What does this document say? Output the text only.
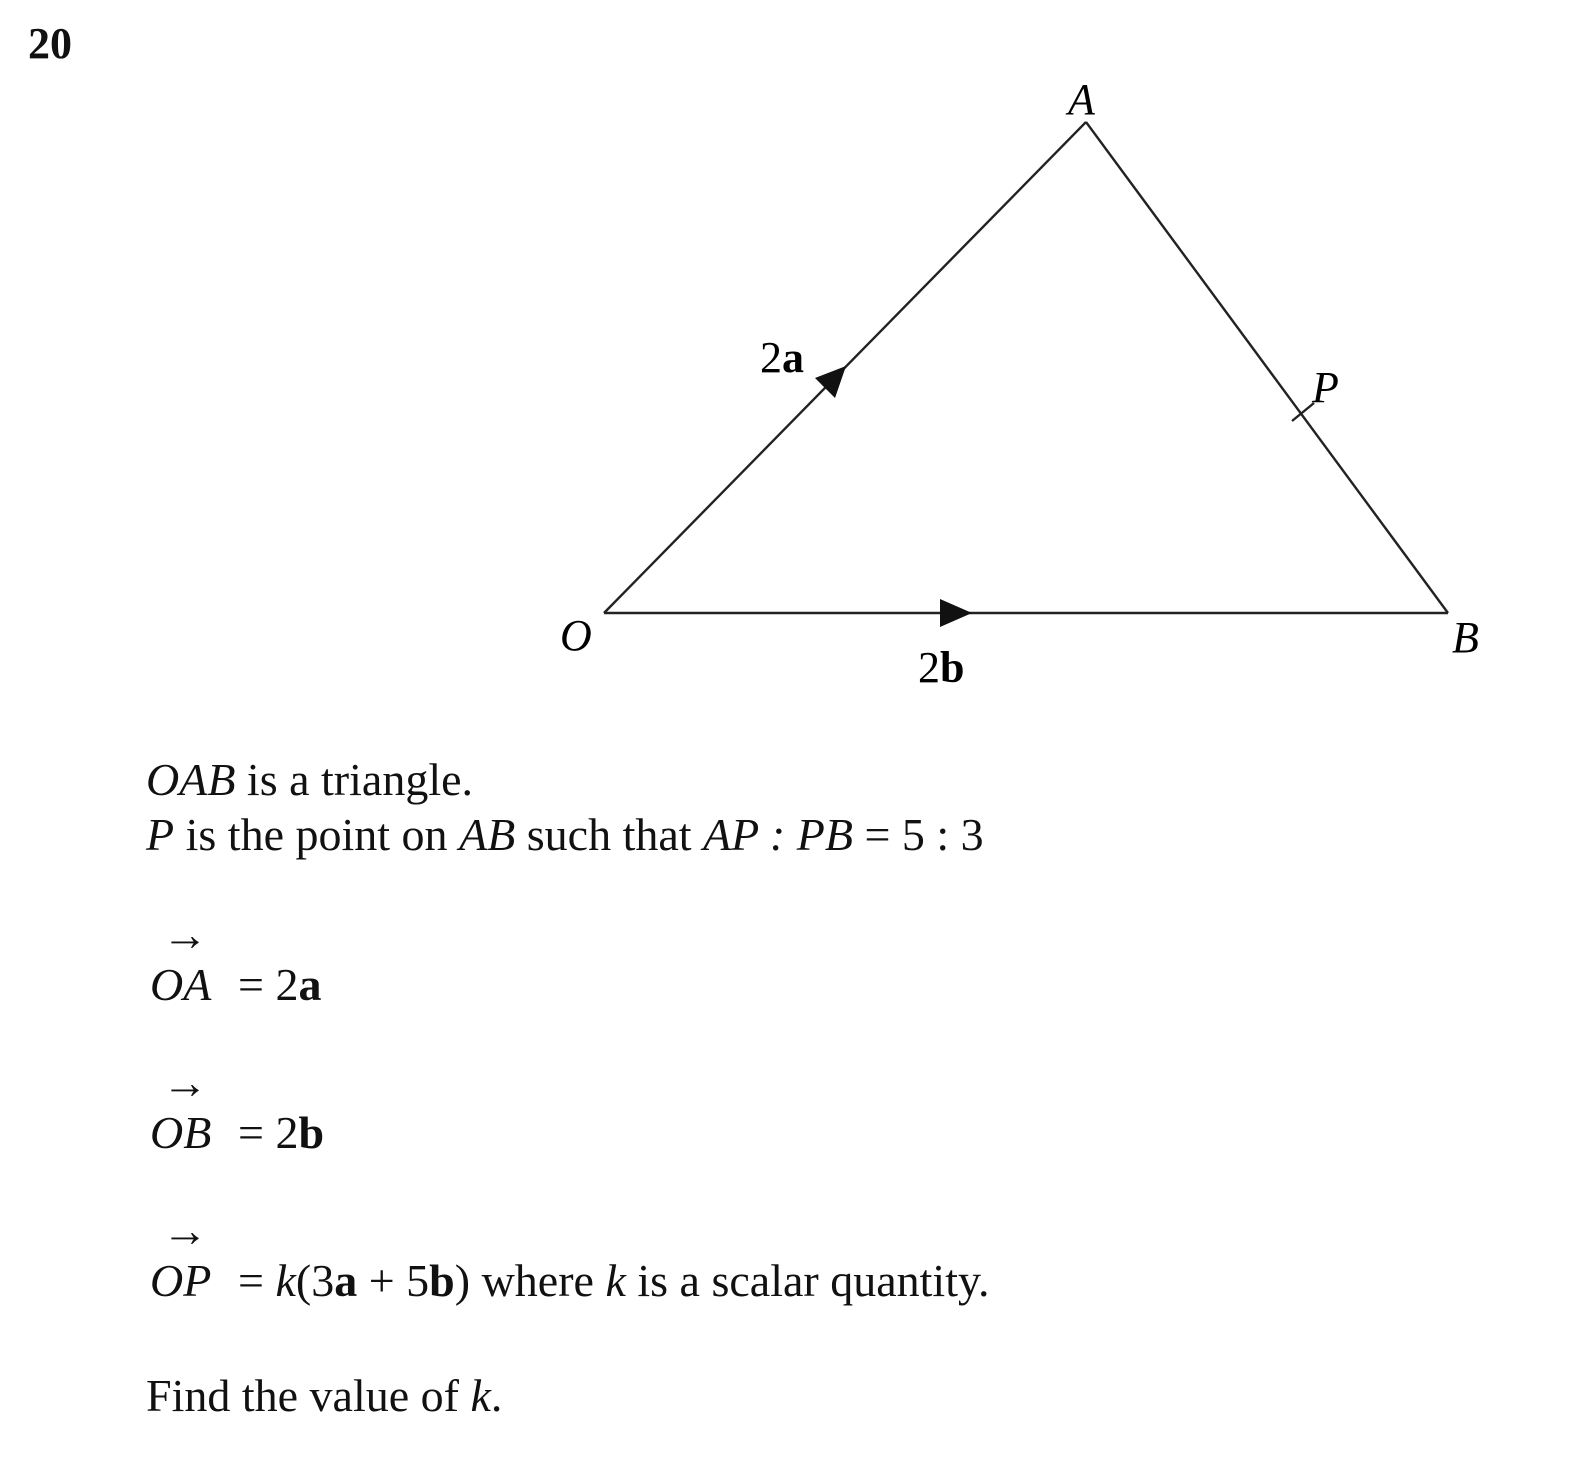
20
A
O	B
P
2a
2b
OAB is a triangle.
P is the point on AB such that AP : PB = 5 : 3
→
OA = 2a
→
OB = 2b
→
OP = k(3a + 5b) where k is a scalar quantity.
Find the value of k.
